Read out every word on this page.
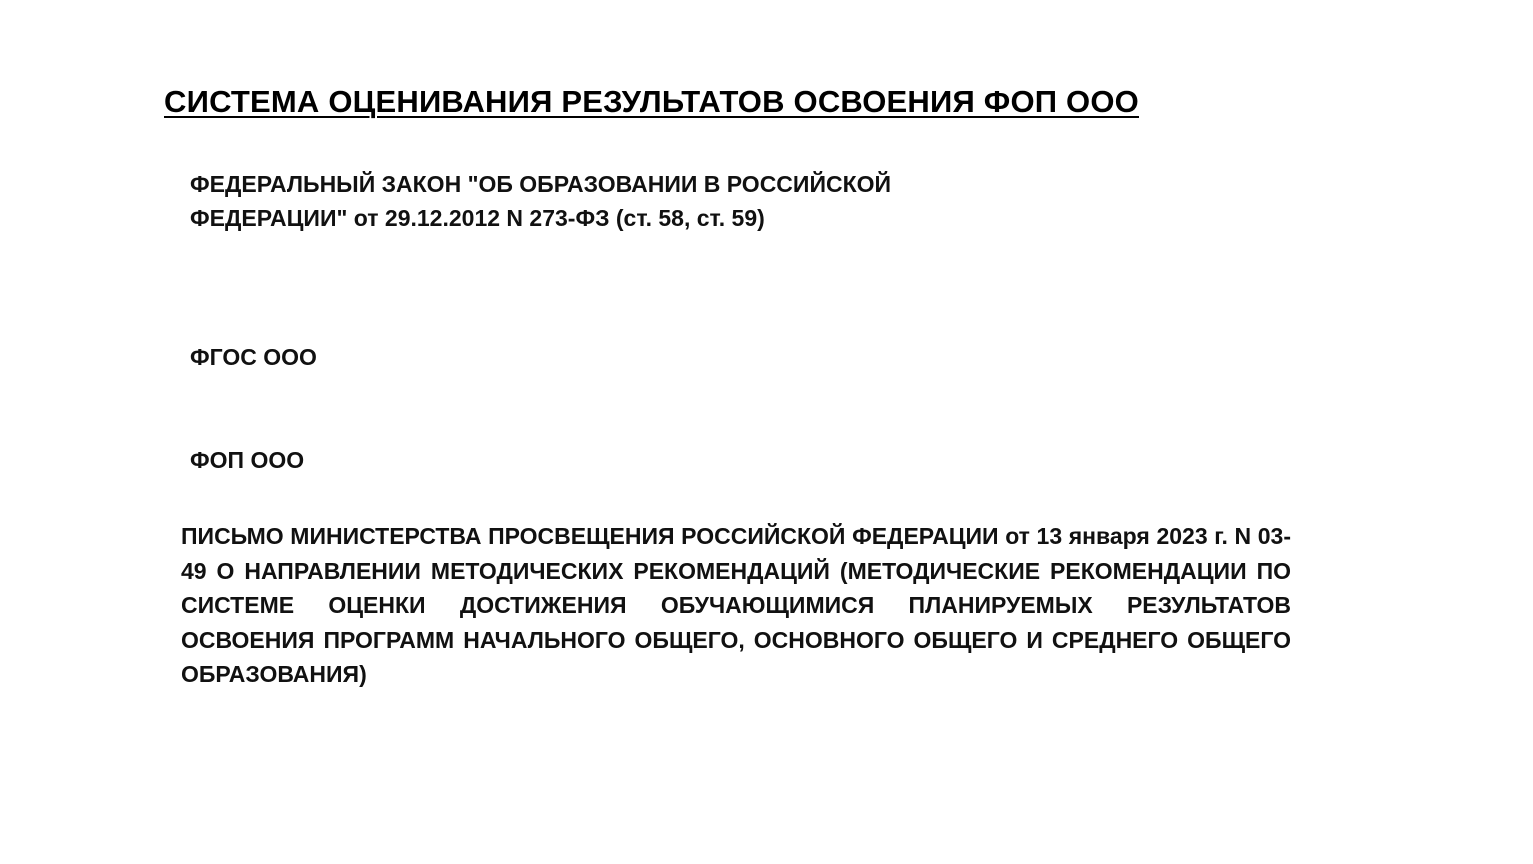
СИСТЕМА ОЦЕНИВАНИЯ РЕЗУЛЬТАТОВ ОСВОЕНИЯ ФОП ООО

ФЕДЕРАЛЬНЫЙ ЗАКОН "ОБ ОБРАЗОВАНИИ В РОССИЙСКОЙ ФЕДЕРАЦИИ" от 29.12.2012 N 273-ФЗ (ст. 58, ст. 59)

ФГОС ООО

ФОП ООО

ПИСЬМО МИНИСТЕРСТВА ПРОСВЕЩЕНИЯ РОССИЙСКОЙ ФЕДЕРАЦИИ от 13 января 2023 г. N 03-49 О НАПРАВЛЕНИИ МЕТОДИЧЕСКИХ РЕКОМЕНДАЦИЙ (МЕТОДИЧЕСКИЕ РЕКОМЕНДАЦИИ ПО СИСТЕМЕ ОЦЕНКИ ДОСТИЖЕНИЯ ОБУЧАЮЩИМИСЯ ПЛАНИРУЕМЫХ РЕЗУЛЬТАТОВ ОСВОЕНИЯ ПРОГРАММ НАЧАЛЬНОГО ОБЩЕГО, ОСНОВНОГО ОБЩЕГО И СРЕДНЕГО ОБЩЕГО ОБРАЗОВАНИЯ)
